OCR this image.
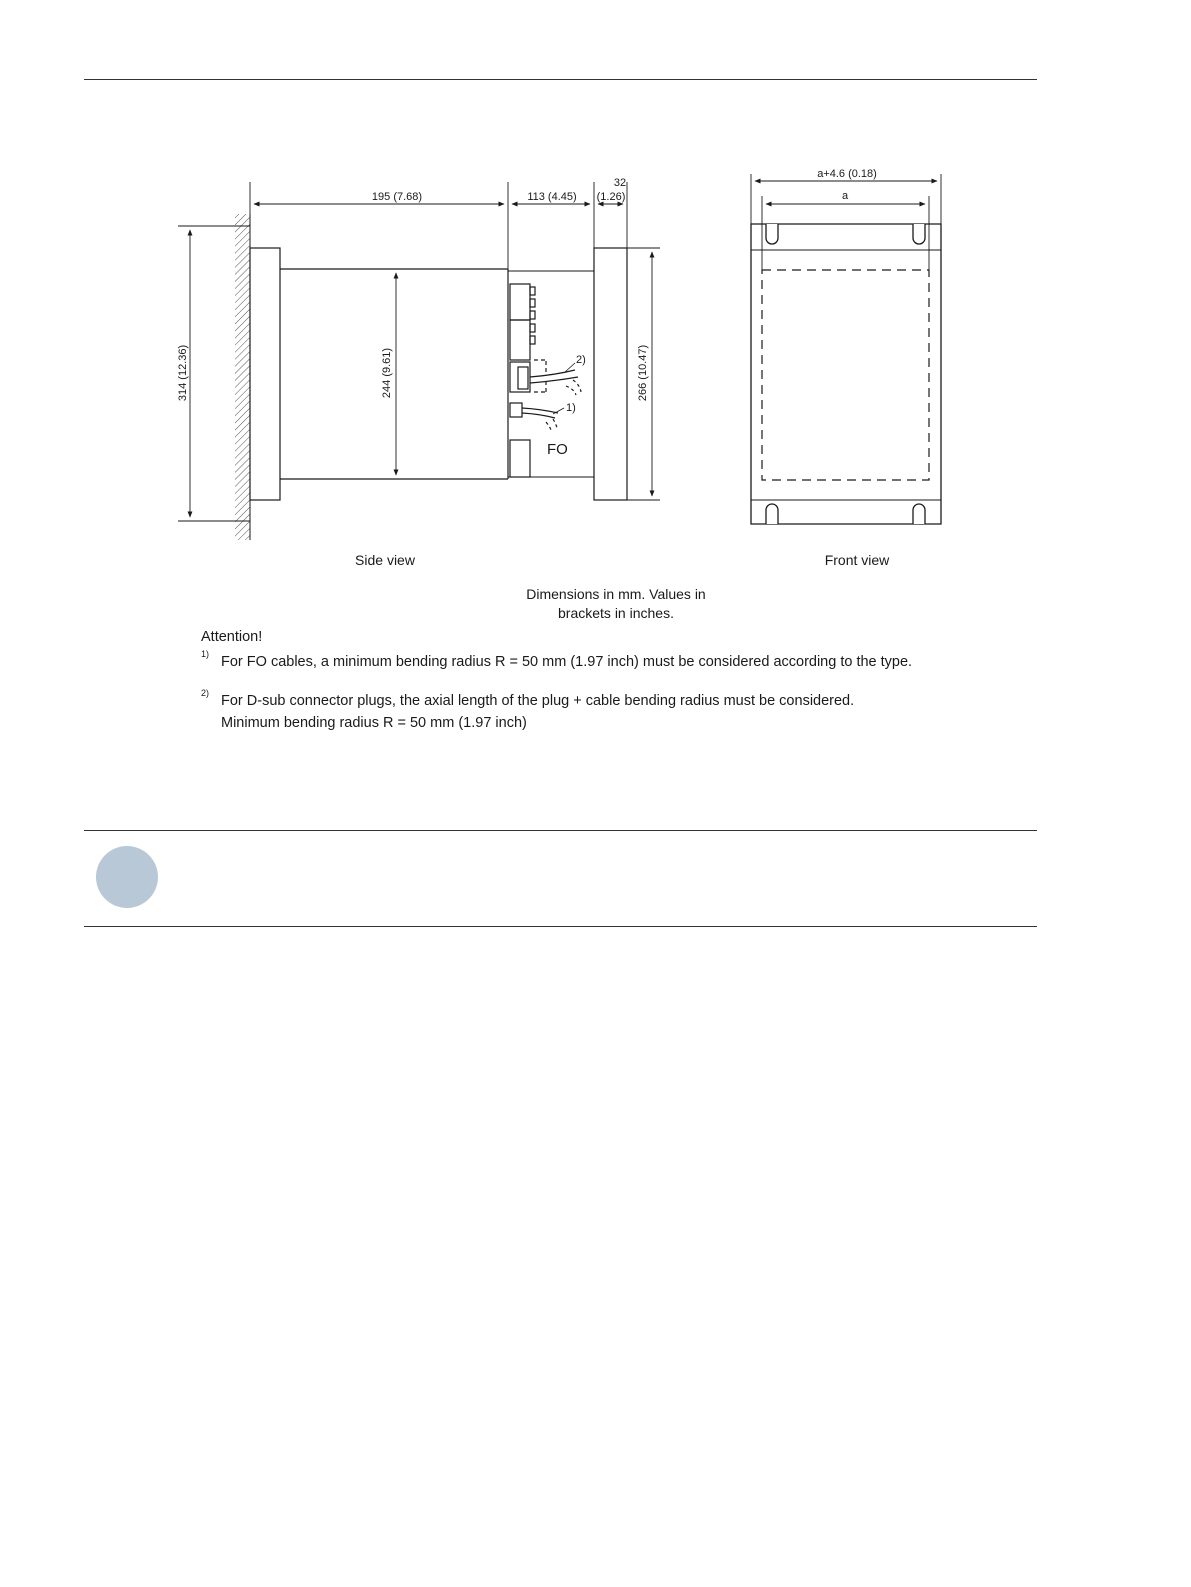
195 (7.68)	113 (4.45)
32
(1.26)
314 (12.36)	244 (9.61)	266 (10.47)
2)
1)
FO
a+4.6 (0.18)
a
Side view	Front view
Dimensions in mm. Values in
brackets in inches.
Attention!
1) For FO cables, a minimum bending radius R = 50 mm (1.97 inch) must be considered according to the type.
2) For D-sub connector plugs, the axial length of the plug + cable bending radius must be considered.
Minimum bending radius R = 50 mm (1.97 inch)
